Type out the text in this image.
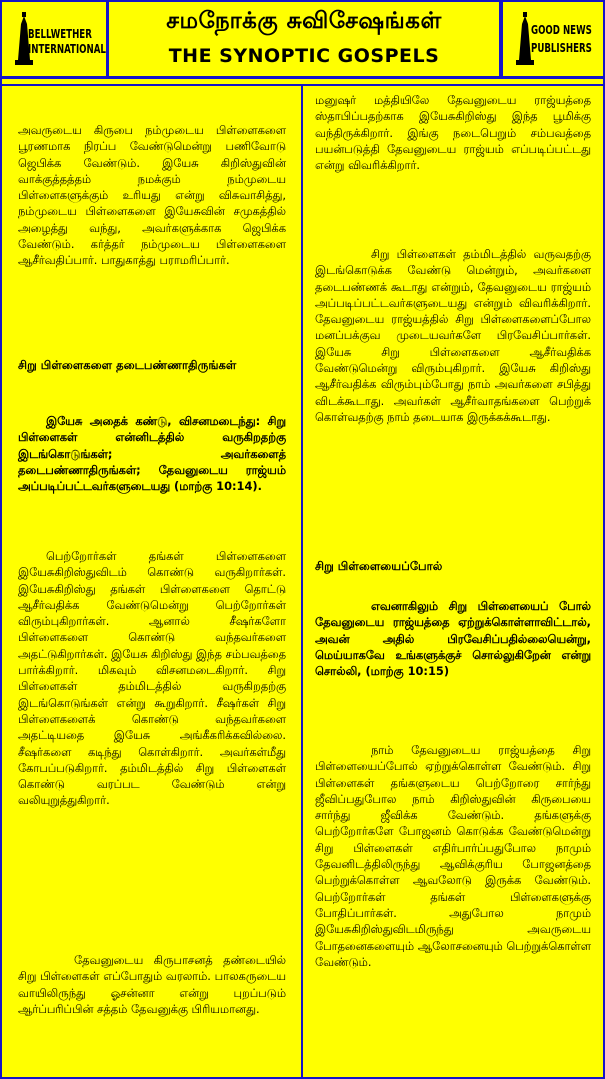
BELLWETHER
INTERNATIONAL
சமநோக்கு சுவிசேஷங்கள்
THE SYNOPTIC GOSPELS
GOOD NEWS
PUBLISHERS
அவருடைய கிருபை நம்முடைய பிள்ளைகளை பூரணமாக நிரப்ப வேண்டுமென்று பணிவோடு ஜெபிக்க வேண்டும். இயேசு கிறிஸ்துவின் வாக்குத்தத்தம் நமக்கும் நம்முடைய பிள்ளைகளுக்கும் உரியது என்று விசுவாசித்து, நம்முடைய பிள்ளைகளை இயேசுவின் சமுகத்தில் அழைத்து வந்து, அவர்களுக்காக ஜெபிக்க வேண்டும். கர்த்தர் நம்முடைய பிள்ளைகளை ஆசீர்வதிப்பார். பாதுகாத்து பராமரிப்பார்.
சிறு பிள்ளைகளை தடைபண்ணாதிருங்கள்
இயேசு அதைக் கண்டு, விசனமடைந்து: சிறு பிள்ளைகள் என்னிடத்தில் வருகிறதற்கு இடங்கொடுங்கள்; அவர்களைத் தடைபண்ணாதிருங்கள்; தேவனுடைய ராஜ்யம் அப்படிப்பட்டவர்களுடையது (மாற்கு 10:14).
பெற்றோர்கள் தங்கள் பிள்ளைகளை இயேசுகிறிஸ்துவிடம் கொண்டு வருகிறார்கள். இயேசுகிறிஸ்து தங்கள் பிள்ளைகளை தொட்டு ஆசீர்வதிக்க வேண்டுமென்று பெற்றோர்கள் விரும்புகிறார்கள். ஆனால் சீஷர்களோ பிள்ளைகளை கொண்டு வந்தவர்களை அதட்டுகிறார்கள். இயேசு கிறிஸ்து இந்த சம்பவத்தை பார்க்கிறார். மிகவும் விசனமடைகிறார். சிறு பிள்ளைகள் தம்மிடத்தில் வருகிறதற்கு இடங்கொடுங்கள் என்று கூறுகிறார். சீஷர்கள் சிறு பிள்ளைகளைக் கொண்டு வந்தவர்களை அதட்டியதை இயேசு அங்கீகரிக்கவில்லை. சீஷர்களை கடிந்து கொள்கிறார். அவர்கள்மீது கோபப்படுகிறார். தம்மிடத்தில் சிறு பிள்ளைகள் கொண்டு வரப்பட வேண்டும் என்று வலியுறுத்துகிறார்.
தேவனுடைய கிருபாசனத் தண்டையில் சிறு பிள்ளைகள் எப்போதும் வரலாம். பாலகருடைய வாயிலிருந்து ஓசன்னா என்று புறப்படும் ஆர்ப்பரிப்பின் சத்தம் தேவனுக்கு பிரியமானது.
மனுஷர் மத்தியிலே தேவனுடைய ராஜ்யத்தை ஸ்தாபிப்பதற்காக இயேசுகிறிஸ்து இந்த பூமிக்கு வந்திருக்கிறார். இங்கு நடைபெறும் சம்பவத்தை பயன்படுத்தி தேவனுடைய ராஜ்யம் எப்படிப்பட்டது என்று விவரிக்கிறார்.
சிறு பிள்ளைகள் தம்மிடத்தில் வருவதற்கு இடங்கொடுக்க வேண்டு மென்றும், அவர்களை தடைபண்ணக் கூடாது என்றும், தேவனுடைய ராஜ்யம் அப்படிப்பட்டவர்களுடையது என்றும் விவரிக்கிறார். தேவனுடைய ராஜ்யத்தில் சிறு பிள்ளைகளைப்போல மனப்பக்குவ முடையவர்களே பிரவேசிப்பார்கள். இயேசு சிறு பிள்ளைகளை ஆசீர்வதிக்க வேண்டுமென்று விரும்புகிறார். இயேசு கிறிஸ்து ஆசீர்வதிக்க விரும்பும்போது நாம் அவர்களை சபித்து விடக்கூடாது. அவர்கள் ஆசீர்வாதங்களை பெற்றுக் கொள்வதற்கு நாம் தடையாக இருக்கக்கூடாது.
சிறு பிள்ளையைப்போல்
எவனாகிலும் சிறு பிள்ளையைப் போல் தேவனுடைய ராஜ்யத்தை ஏற்றுக்கொள்ளாவிட்டால், அவன் அதில் பிரவேசிப்பதில்லையென்று, மெய்யாகவே உங்களுக்குச் சொல்லுகிறேன் என்று சொல்லி, (மாற்கு 10:15)
நாம் தேவனுடைய ராஜ்யத்தை சிறு பிள்ளையைப்போல் ஏற்றுக்கொள்ள வேண்டும். சிறு பிள்ளைகள் தங்களுடைய பெற்றோரை சார்ந்து ஜீவிப்பதுபோல நாம் கிறிஸ்துவின் கிருபையை சார்ந்து ஜீவிக்க வேண்டும். தங்களுக்கு பெற்றோர்களே போஜனம் கொடுக்க வேண்டுமென்று சிறு பிள்ளைகள் எதிர்பார்ப்பதுபோல நாமும் தேவனிடத்திலிருந்து ஆவிக்குரிய போஜனத்தை பெற்றுக்கொள்ள ஆவலோடு இருக்க வேண்டும். பெற்றோர்கள் தங்கள் பிள்ளைகளுக்கு போதிப்பார்கள். அதுபோல நாமும் இயேசுகிறிஸ்துவிடமிருந்து அவருடைய போதனைகளையும் ஆலோசனையும் பெற்றுக்கொள்ள வேண்டும்.
